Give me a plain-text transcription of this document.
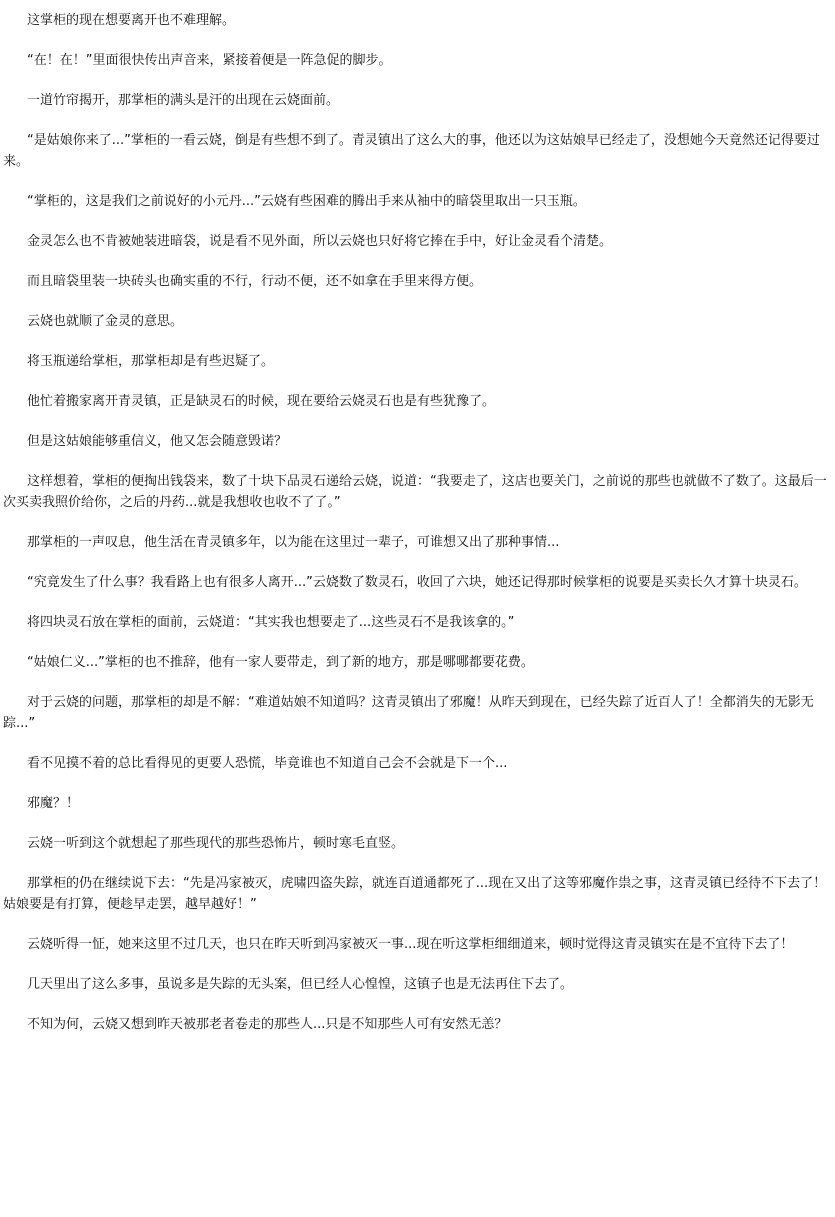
这掌柜的现在想要离开也不难理解。

“在！在！”里面很快传出声音来，紧接着便是一阵急促的脚步。

一道竹帘揭开，那掌柜的满头是汗的出现在云娆面前。

“是姑娘你来了...”掌柜的一看云娆，倒是有些想不到了。青灵镇出了这么大的事，他还以为这姑娘早已经走了，没想她今天竟然还记得要过来。

“掌柜的，这是我们之前说好的小元丹...”云娆有些困难的腾出手来从袖中的暗袋里取出一只玉瓶。

金灵怎么也不肯被她装进暗袋，说是看不见外面，所以云娆也只好将它捧在手中，好让金灵看个清楚。

而且暗袋里装一块砖头也确实重的不行，行动不便，还不如拿在手里来得方便。

云娆也就顺了金灵的意思。

将玉瓶递给掌柜，那掌柜却是有些迟疑了。

他忙着搬家离开青灵镇，正是缺灵石的时候，现在要给云娆灵石也是有些犹豫了。

但是这姑娘能够重信义，他又怎会随意毁诺？

这样想着，掌柜的便掏出钱袋来，数了十块下品灵石递给云娆，说道：“我要走了，这店也要关门，之前说的那些也就做不了数了。这最后一次买卖我照价给你，之后的丹药...就是我想收也收不了了。”

那掌柜的一声叹息，他生活在青灵镇多年，以为能在这里过一辈子，可谁想又出了那种事情...

“究竟发生了什么事？我看路上也有很多人离开...”云娆数了数灵石，收回了六块，她还记得那时候掌柜的说要是买卖长久才算十块灵石。

将四块灵石放在掌柜的面前，云娆道：“其实我也想要走了...这些灵石不是我该拿的。”

“姑娘仁义...”掌柜的也不推辞，他有一家人要带走，到了新的地方，那是哪哪都要花费。

对于云娆的问题，那掌柜的却是不解：“难道姑娘不知道吗？这青灵镇出了邪魔！从昨天到现在，已经失踪了近百人了！全都消失的无影无踪...”

看不见摸不着的总比看得见的更要人恐慌，毕竟谁也不知道自己会不会就是下一个...

邪魔？！

云娆一听到这个就想起了那些现代的那些恐怖片，顿时寒毛直竖。

那掌柜的仍在继续说下去：“先是冯家被灭，虎啸四盗失踪，就连百道通都死了...现在又出了这等邪魔作祟之事，这青灵镇已经待不下去了！姑娘要是有打算，便趁早走罢，越早越好！”

云娆听得一怔，她来这里不过几天，也只在昨天听到冯家被灭一事...现在听这掌柜细细道来，顿时觉得这青灵镇实在是不宜待下去了！

几天里出了这么多事，虽说多是失踪的无头案，但已经人心惶惶，这镇子也是无法再住下去了。

不知为何，云娆又想到昨天被那老者卷走的那些人...只是不知那些人可有安然无恙？
